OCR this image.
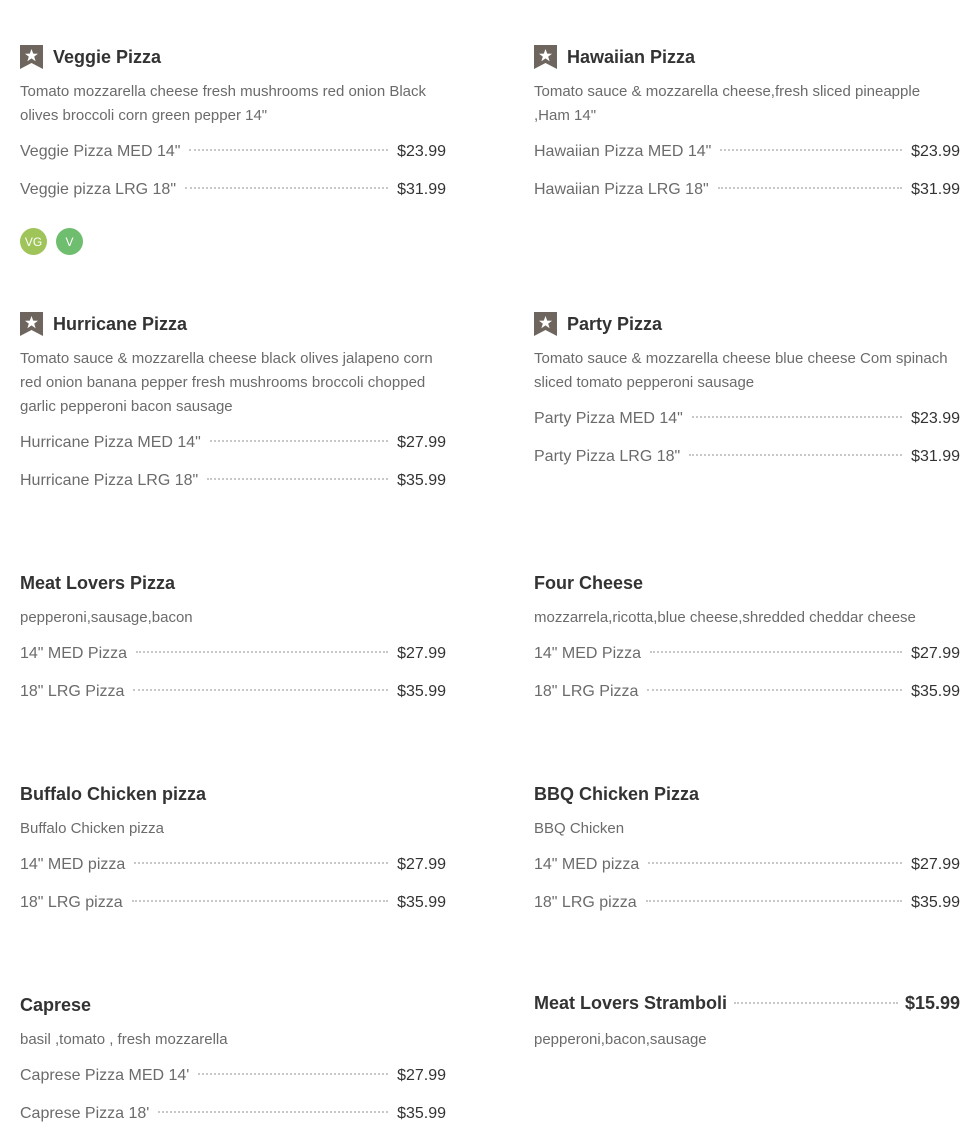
Veggie Pizza
Tomato mozzarella cheese fresh mushrooms red onion Black olives broccoli corn green pepper 14"
Veggie Pizza MED 14"	$23.99
Veggie pizza LRG 18"	$31.99
VG	V
Hawaiian Pizza
Tomato sauce & mozzarella cheese,fresh sliced pineapple ,Ham 14"
Hawaiian Pizza MED 14"	$23.99
Hawaiian Pizza LRG 18"	$31.99
Hurricane Pizza
Tomato sauce & mozzarella cheese black olives jalapeno corn red onion banana pepper fresh mushrooms broccoli chopped garlic pepperoni bacon sausage
Hurricane Pizza MED 14"	$27.99
Hurricane Pizza LRG 18"	$35.99
Party Pizza
Tomato sauce & mozzarella cheese blue cheese Com spinach sliced tomato pepperoni sausage
Party Pizza MED 14"	$23.99
Party Pizza LRG 18"	$31.99
Meat Lovers Pizza
pepperoni,sausage,bacon
14" MED Pizza	$27.99
18" LRG Pizza	$35.99
Four Cheese
mozzarrela,ricotta,blue cheese,shredded cheddar cheese
14" MED Pizza	$27.99
18" LRG Pizza	$35.99
Buffalo Chicken pizza
Buffalo Chicken pizza
14" MED pizza	$27.99
18" LRG pizza	$35.99
BBQ Chicken Pizza
BBQ Chicken
14" MED pizza	$27.99
18" LRG pizza	$35.99
Caprese
basil ,tomato , fresh mozzarella
Caprese Pizza MED 14'	$27.99
Caprese Pizza 18'	$35.99
Meat Lovers Stramboli	$15.99
pepperoni,bacon,sausage
